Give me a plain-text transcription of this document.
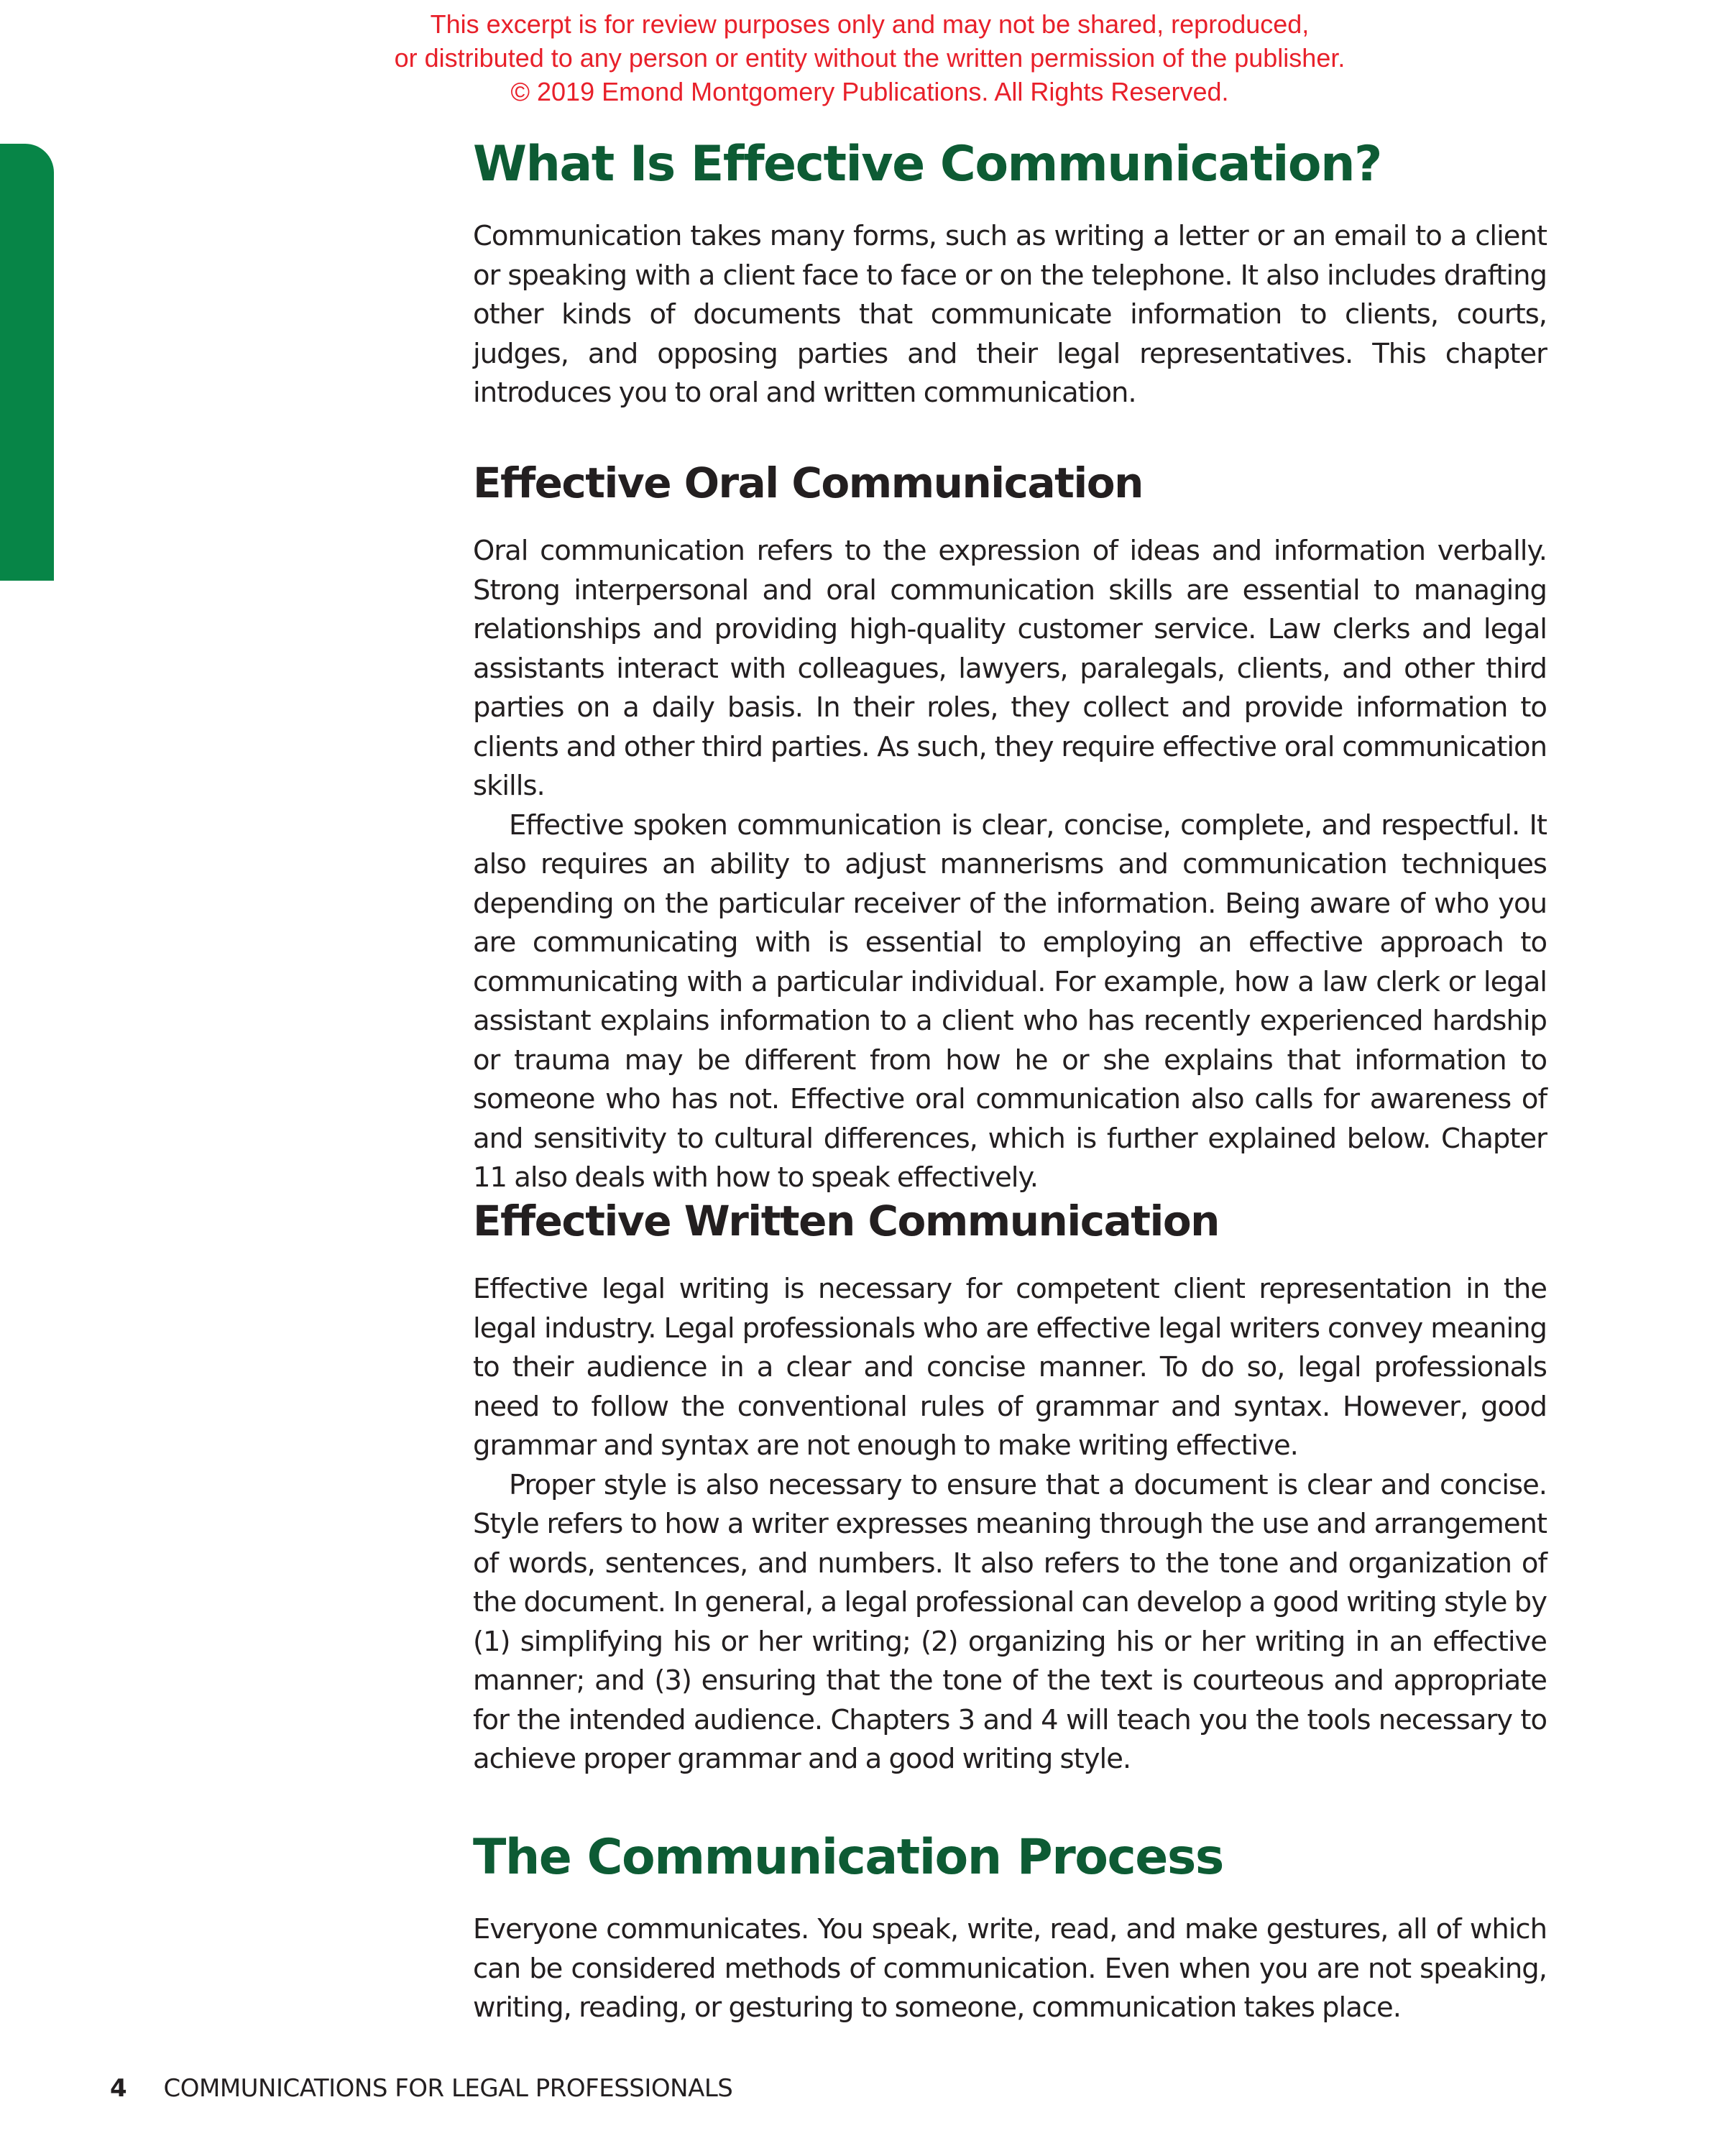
This excerpt is for review purposes only and may not be shared, reproduced,
or distributed to any person or entity without the written permission of the publisher.
© 2019 Emond Montgomery Publications. All Rights Reserved.
What Is Effective Communication?

Communication takes many forms, such as writing a letter or an email to a client or speaking with a client face to face or on the telephone. It also includes drafting other kinds of documents that communicate information to clients, courts, judges, and opposing parties and their legal representatives. This chapter introduces you to oral and written communication.

Effective Oral Communication

Oral communication refers to the expression of ideas and information verbally. Strong interpersonal and oral communication skills are essential to managing relationships and providing high-quality customer service. Law clerks and legal assistants interact with colleagues, lawyers, paralegals, clients, and other third parties on a daily basis. In their roles, they collect and provide information to clients and other third parties. As such, they require effective oral communication skills.

Effective spoken communication is clear, concise, complete, and respectful. It also requires an ability to adjust mannerisms and communication techniques depending on the particular receiver of the information. Being aware of who you are communicating with is essential to employing an effective approach to communicating with a particular individual. For example, how a law clerk or legal assistant explains information to a client who has recently experienced hardship or trauma may be different from how he or she explains that information to someone who has not. Effective oral communication also calls for awareness of and sensitivity to cultural differences, which is further explained below. Chapter 11 also deals with how to speak effectively.

Effective Written Communication

Effective legal writing is necessary for competent client representation in the legal industry. Legal professionals who are effective legal writers convey meaning to their audience in a clear and concise manner. To do so, legal professionals need to follow the conventional rules of grammar and syntax. However, good grammar and syntax are not enough to make writing effective.

Proper style is also necessary to ensure that a document is clear and concise. Style refers to how a writer expresses meaning through the use and arrangement of words, sentences, and numbers. It also refers to the tone and organization of the document. In general, a legal professional can develop a good writing style by (1) simplifying his or her writing; (2) organizing his or her writing in an effective manner; and (3) ensuring that the tone of the text is courteous and appropriate for the intended audience. Chapters 3 and 4 will teach you the tools necessary to achieve proper grammar and a good writing style.

The Communication Process

Everyone communicates. You speak, write, read, and make gestures, all of which can be considered methods of communication. Even when you are not speaking, writing, reading, or gesturing to someone, communication takes place.

4 COMMUNICATIONS FOR LEGAL PROFESSIONALS
